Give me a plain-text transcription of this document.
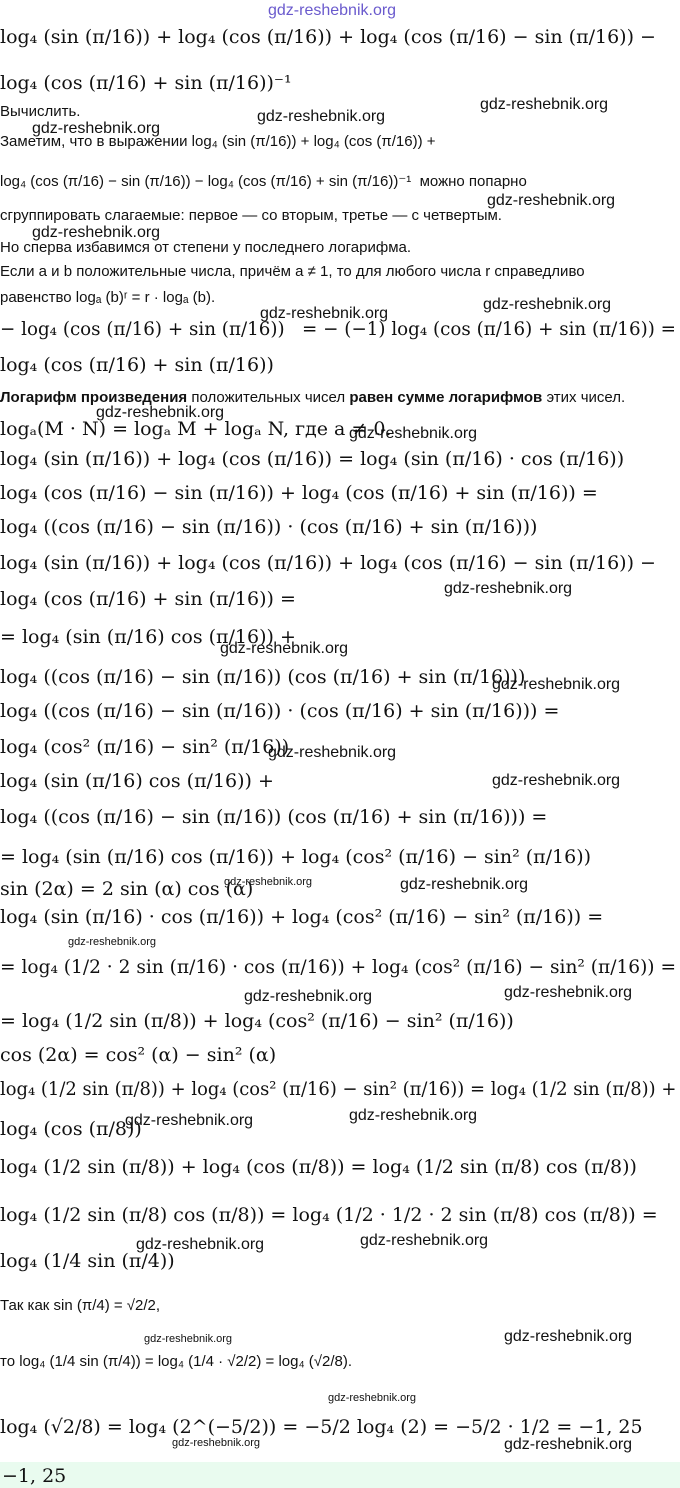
log₄ (sin (π/16)) + log₄ (cos (π/16)) + log₄ (cos (π/16) − sin (π/16)) −
log₄ (cos (π/16) + sin (π/16))⁻¹
Вычислить.
Заметим, что в выражении log₄ (sin (π/16)) + log₄ (cos (π/16)) +
log₄ (cos (π/16) − sin (π/16)) − log₄ (cos (π/16) + sin (π/16))⁻¹  можно попарно
сгруппировать слагаемые: первое — со вторым, третье — с четвертым.
Но сперва избавимся от степени у последнего логарифма.
Если a и b положительные числа, причём a ≠ 1, то для любого числа r справедливо
равенство logₐ (b)ʳ = r · logₐ (b).
− log₄ (cos (π/16) + sin (π/16))   = − (−1) log₄ (cos (π/16) + sin (π/16)) =
log₄ (cos (π/16) + sin (π/16))
Логарифм произведения положительных чисел равен сумме логарифмов этих чисел.
logₐ(M · N) = logₐ M + logₐ N, где a ≠ 0.
log₄ (sin (π/16)) + log₄ (cos (π/16)) = log₄ (sin (π/16) · cos (π/16))
log₄ (cos (π/16) − sin (π/16)) + log₄ (cos (π/16) + sin (π/16)) =
log₄ ((cos (π/16) − sin (π/16)) · (cos (π/16) + sin (π/16)))
log₄ (sin (π/16)) + log₄ (cos (π/16)) + log₄ (cos (π/16) − sin (π/16)) −
log₄ (cos (π/16) + sin (π/16)) =
= log₄ (sin (π/16) cos (π/16)) +
log₄ ((cos (π/16) − sin (π/16)) (cos (π/16) + sin (π/16)))
log₄ ((cos (π/16) − sin (π/16)) · (cos (π/16) + sin (π/16))) =
log₄ (cos² (π/16) − sin² (π/16))
log₄ (sin (π/16) cos (π/16)) +
log₄ ((cos (π/16) − sin (π/16)) (cos (π/16) + sin (π/16))) =
= log₄ (sin (π/16) cos (π/16)) + log₄ (cos² (π/16) − sin² (π/16))
sin (2α) = 2 sin (α) cos (α)
log₄ (sin (π/16) · cos (π/16)) + log₄ (cos² (π/16) − sin² (π/16)) =
= log₄ (1/2 · 2 sin (π/16) · cos (π/16)) + log₄ (cos² (π/16) − sin² (π/16)) =
= log₄ (1/2 sin (π/8)) + log₄ (cos² (π/16) − sin² (π/16))
cos (2α) = cos² (α) − sin² (α)
log₄ (1/2 sin (π/8)) + log₄ (cos² (π/16) − sin² (π/16)) = log₄ (1/2 sin (π/8)) +
log₄ (cos (π/8))
log₄ (1/2 sin (π/8)) + log₄ (cos (π/8)) = log₄ (1/2 sin (π/8) cos (π/8))
log₄ (1/2 sin (π/8) cos (π/8)) = log₄ (1/2 · 1/2 · 2 sin (π/8) cos (π/8)) =
log₄ (1/4 sin (π/4))
Так как sin (π/4) = √2/2,
то log₄ (1/4 sin (π/4)) = log₄ (1/4 · √2/2) = log₄ (√2/8).
log₄ (√2/8) = log₄ (2^(−5/2)) = −5/2 log₄ (2) = −5/2 · 1/2 = −1, 25
−1, 25
gdz-reshebnik.org
gdz-reshebnik.org
gdz-reshebnik.org
gdz-reshebnik.org
gdz-reshebnik.org
gdz-reshebnik.org
gdz-reshebnik.org
gdz-reshebnik.org
gdz-reshebnik.org
gdz-reshebnik.org
gdz-reshebnik.org
gdz-reshebnik.org
gdz-reshebnik.org
gdz-reshebnik.org
gdz-reshebnik.org
gdz-reshebnik.org	gdz-reshebnik.org
gdz-reshebnik.org
gdz-reshebnik.org	gdz-reshebnik.org
gdz-reshebnik.org	gdz-reshebnik.org
gdz-reshebnik.org	gdz-reshebnik.org
gdz-reshebnik.org	gdz-reshebnik.org
gdz-reshebnik.org
gdz-reshebnik.org	gdz-reshebnik.org
